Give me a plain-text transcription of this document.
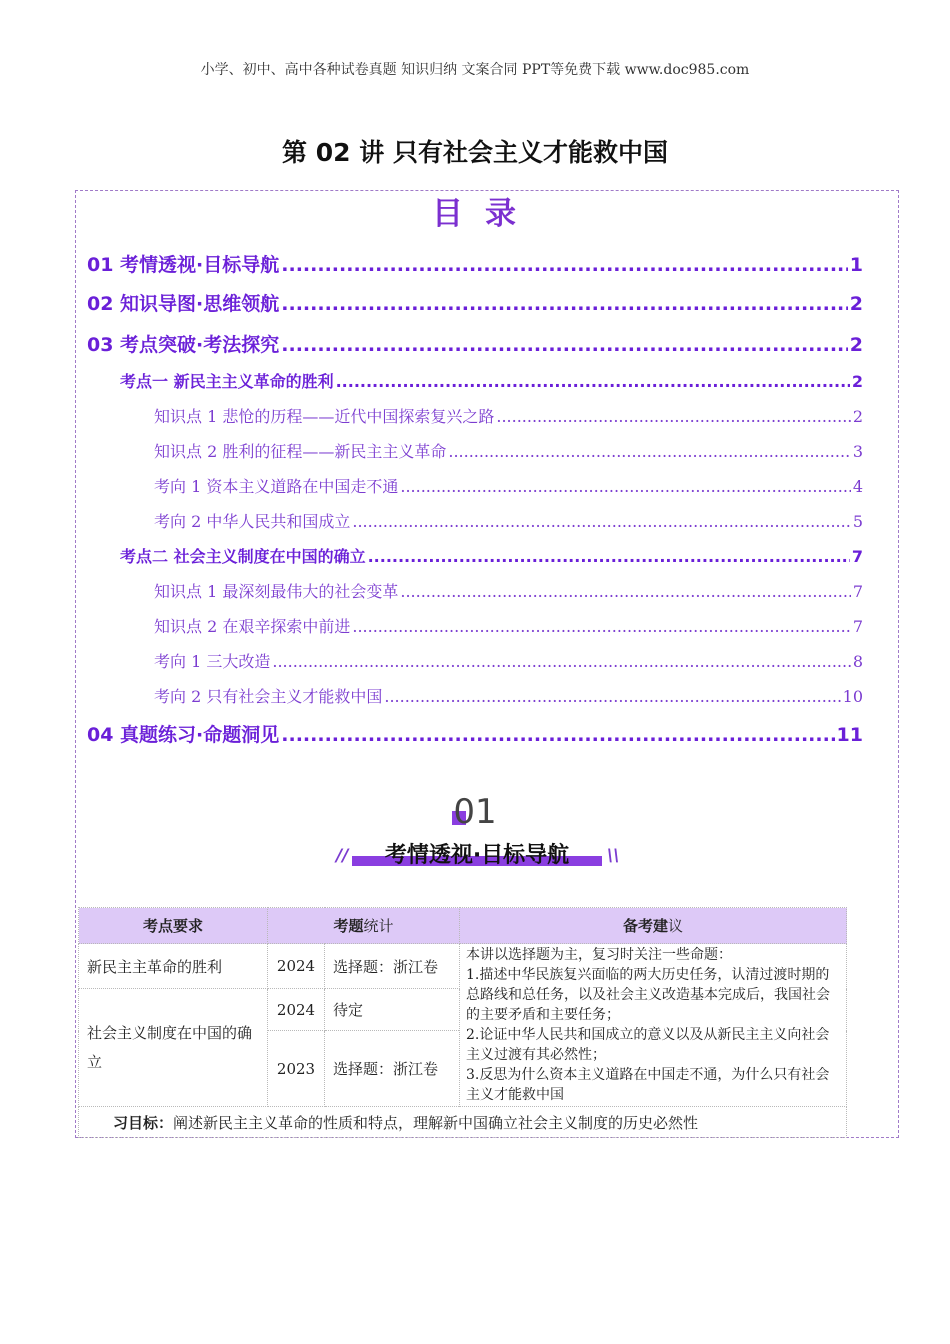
小学、初中、高中各种试卷真题 知识归纳 文案合同 PPT等免费下载 www.doc985.com
第 02 讲 只有社会主义才能救中国
目录
01 考情透视·目标导航 .....	1
02 知识导图·思维领航 .....	2
03 考点突破·考法探究 .....	2
考点一 新民主主义革命的胜利 .....	2
知识点 1 悲怆的历程——近代中国探索复兴之路 .....	2
知识点 2 胜利的征程——新民主主义革命 .....	3
考向 1 资本主义道路在中国走不通 .....	4
考向 2 中华人民共和国成立 .....	5
考点二 社会主义制度在中国的确立 .....	7
知识点 1 最深刻最伟大的社会变革 .....	7
知识点 2 在艰辛探索中前进 .....	7
考向 1 三大改造 .....	8
考向 2 只有社会主义才能救中国 .....	10
04 真题练习·命题洞见 .....	11
01
//	考情透视·目标导航	\\
考点要求	考题统计		备考建议
新民主主革命的胜利	2024	选择题：浙江卷	本讲以选择题为主，复习时关注一些命题：
1.描述中华民族复兴面临的两大历史任务，认清过渡时期的总路线和总任务，以及社会主义改造基本完成后，我国社会的主要矛盾和主要任务；
2.论证中华人民共和国成立的意义以及从新民主主义向社会主义过渡有其必然性；
3.反思为什么资本主义道路在中国走不通，为什么只有社会主义才能救中国

社会主义制度在中国的确立	2024	待定	
	2023	选择题：浙江卷	
习目标：阐述新民主主义革命的性质和特点，理解新中国确立社会主义制度的历史必然性			
